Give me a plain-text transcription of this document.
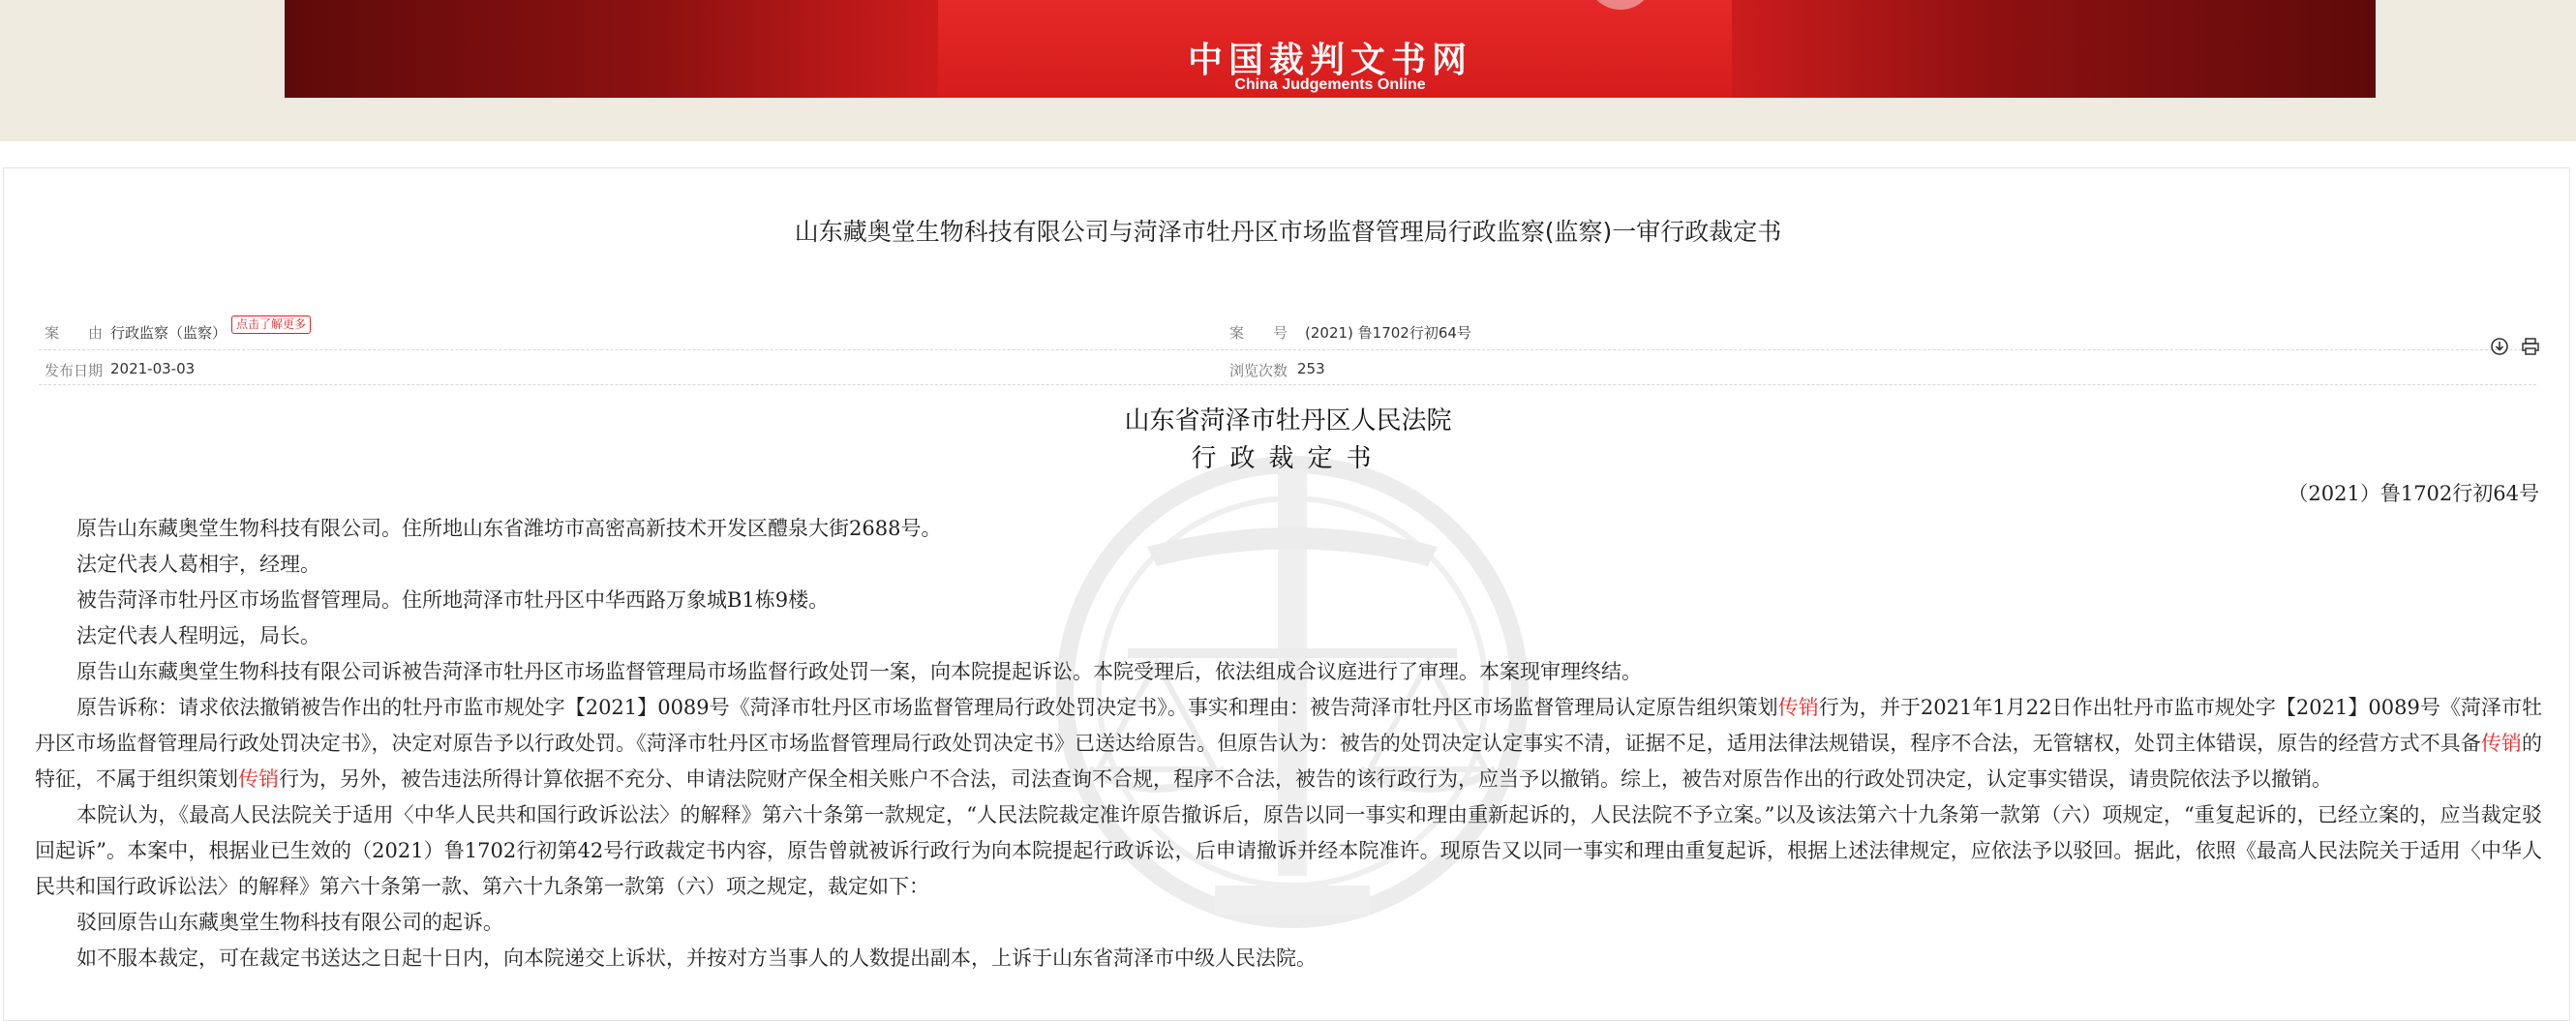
中国裁判文书网
China Judgements Online
山东藏奥堂生物科技有限公司与菏泽市牡丹区市场监督管理局行政监察(监察)一审行政裁定书
案　　由 行政监察（监察） 点击了解更多	案　　号 (2021) 鲁1702行初64号
发布日期 2021-03-03	浏览次数 253

山东省菏泽市牡丹区人民法院
行政裁定书
（2021）鲁1702行初64号

原告山东藏奥堂生物科技有限公司。住所地山东省潍坊市高密高新技术开发区醴泉大街2688号。

法定代表人葛相宇，经理。

被告菏泽市牡丹区市场监督管理局。住所地菏泽市牡丹区中华西路万象城B1栋9楼。

法定代表人程明远，局长。

原告山东藏奥堂生物科技有限公司诉被告菏泽市牡丹区市场监督管理局市场监督行政处罚一案，向本院提起诉讼。本院受理后，依法组成合议庭进行了审理。本案现审理终结。

原告诉称：请求依法撤销被告作出的牡丹市监市规处字【2021】0089号《菏泽市牡丹区市场监督管理局行政处罚决定书》。事实和理由：被告菏泽市牡丹区市场监督管理局认定原告组织策划传销行为，并于2021年1月22日作出牡丹市监市规处字【2021】0089号《菏泽市牡丹区市场监督管理局行政处罚决定书》，决定对原告予以行政处罚。《菏泽市牡丹区市场监督管理局行政处罚决定书》已送达给原告。但原告认为：被告的处罚决定认定事实不清，证据不足，适用法律法规错误，程序不合法，无管辖权，处罚主体错误，原告的经营方式不具备传销的特征，不属于组织策划传销行为，另外，被告违法所得计算依据不充分、申请法院财产保全相关账户不合法，司法查询不合规，程序不合法，被告的该行政行为，应当予以撤销。综上，被告对原告作出的行政处罚决定，认定事实错误，请贵院依法予以撤销。

本院认为，《最高人民法院关于适用〈中华人民共和国行政诉讼法〉的解释》第六十条第一款规定，“人民法院裁定准许原告撤诉后，原告以同一事实和理由重新起诉的，人民法院不予立案。”以及该法第六十九条第一款第（六）项规定，“重复起诉的，已经立案的，应当裁定驳回起诉”。本案中，根据业已生效的（2021）鲁1702行初第42号行政裁定书内容，原告曾就被诉行政行为向本院提起行政诉讼，后申请撤诉并经本院准许。现原告又以同一事实和理由重复起诉，根据上述法律规定，应依法予以驳回。据此，依照《最高人民法院关于适用〈中华人民共和国行政诉讼法〉的解释》第六十条第一款、第六十九条第一款第（六）项之规定，裁定如下：

驳回原告山东藏奥堂生物科技有限公司的起诉。

如不服本裁定，可在裁定书送达之日起十日内，向本院递交上诉状，并按对方当事人的人数提出副本，上诉于山东省菏泽市中级人民法院。
